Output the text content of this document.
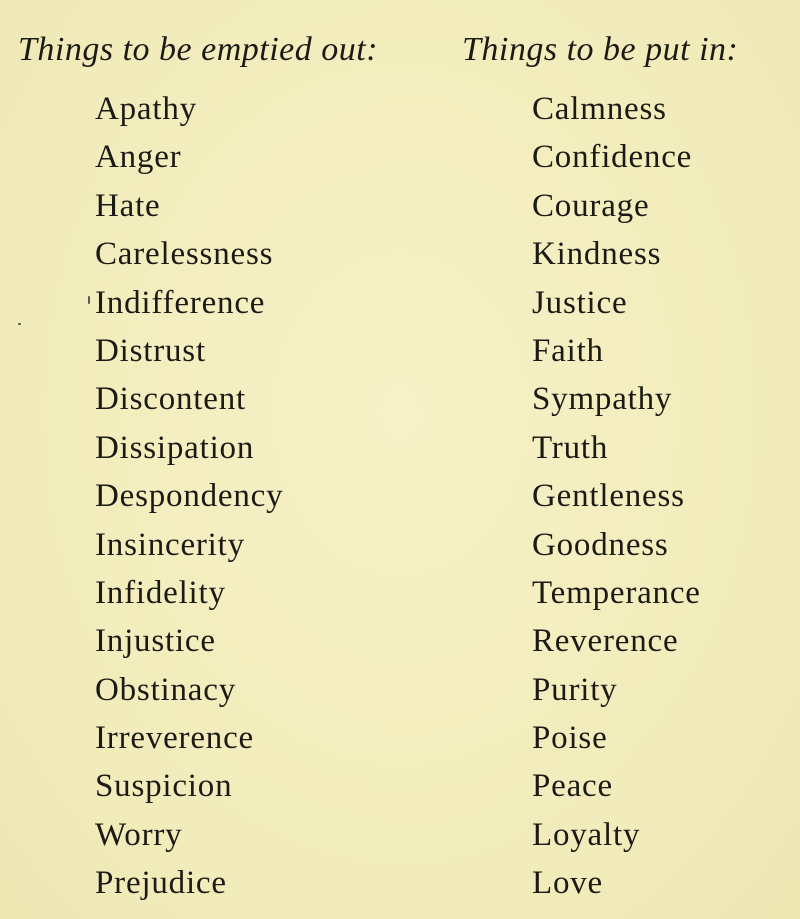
Things to be emptied out:
Apathy
Anger
Hate
Carelessness
Indifference
Distrust
Discontent
Dissipation
Despondency
Insincerity
Infidelity
Injustice
Obstinacy
Irreverence
Suspicion
Worry
Prejudice
Things to be put in:
Calmness
Confidence
Courage
Kindness
Justice
Faith
Sympathy
Truth
Gentleness
Goodness
Temperance
Reverence
Purity
Poise
Peace
Loyalty
Love
